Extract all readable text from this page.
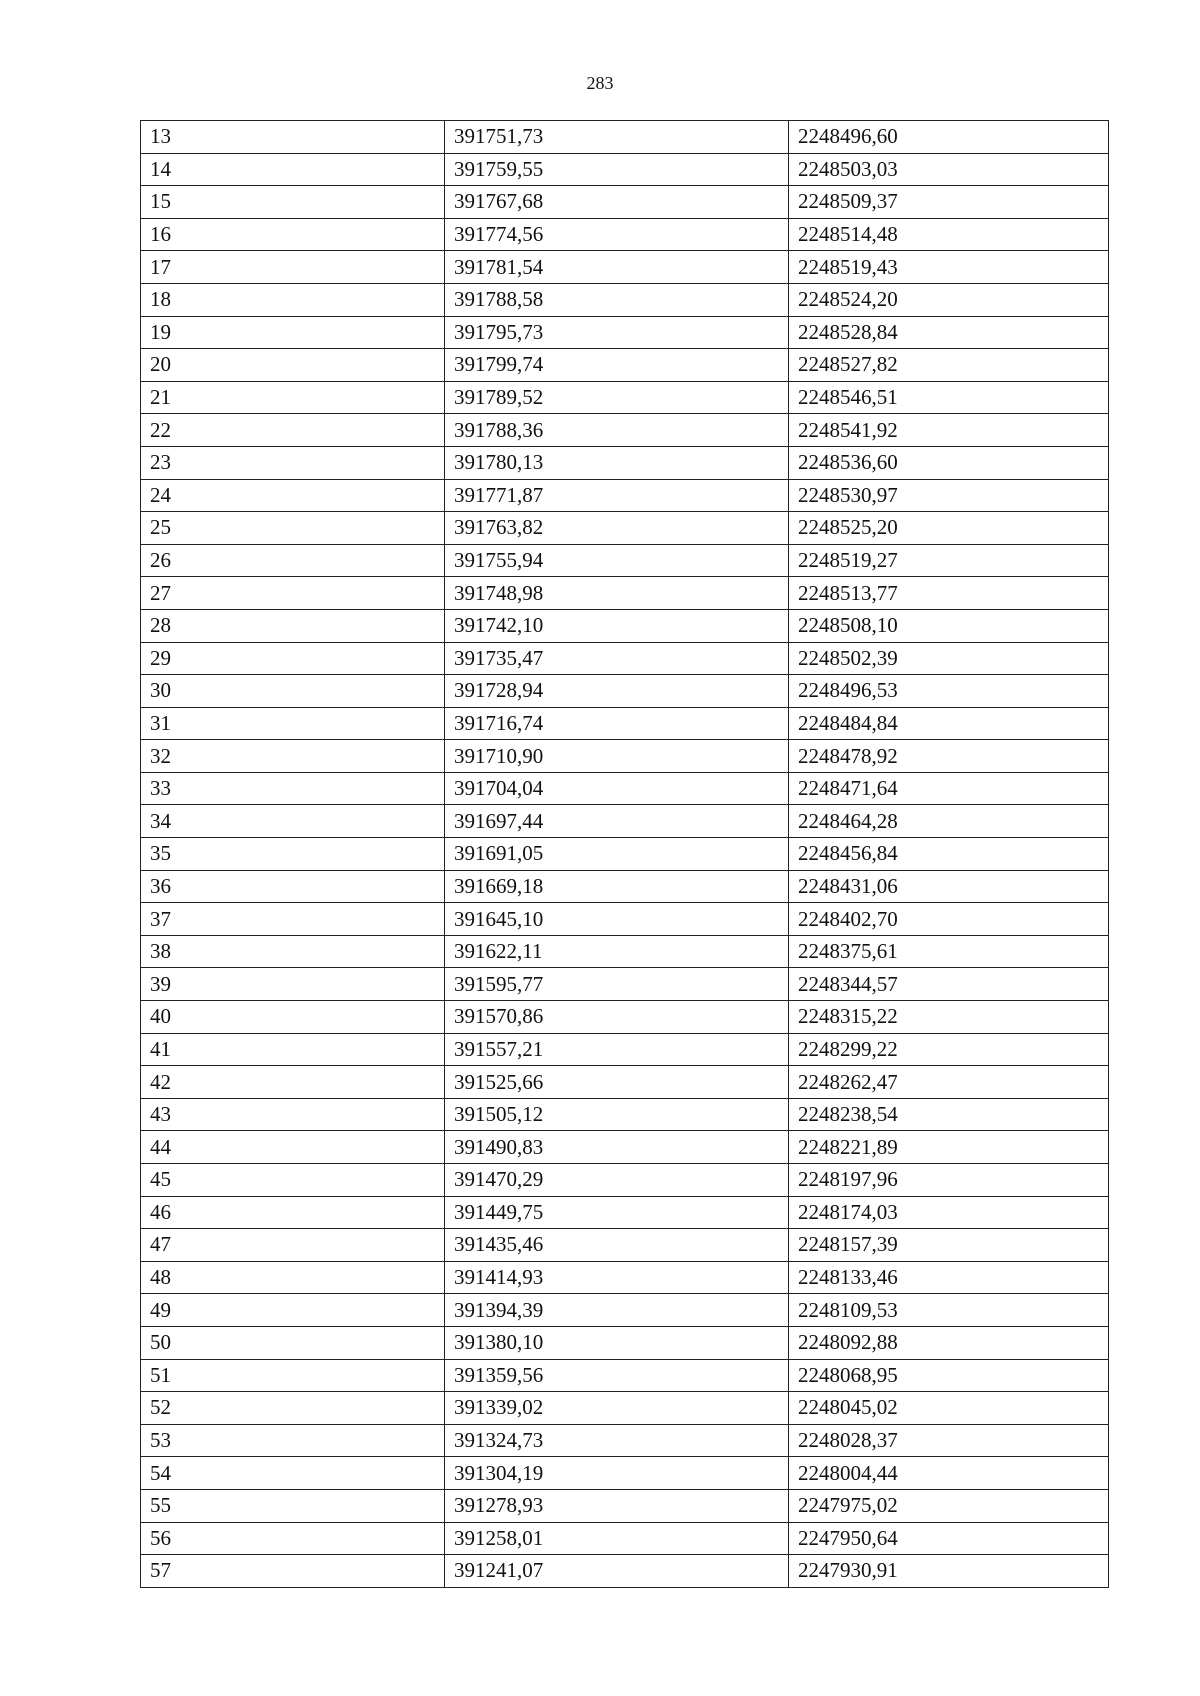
283
13	391751,73	2248496,60
14	391759,55	2248503,03
15	391767,68	2248509,37
16	391774,56	2248514,48
17	391781,54	2248519,43
18	391788,58	2248524,20
19	391795,73	2248528,84
20	391799,74	2248527,82
21	391789,52	2248546,51
22	391788,36	2248541,92
23	391780,13	2248536,60
24	391771,87	2248530,97
25	391763,82	2248525,20
26	391755,94	2248519,27
27	391748,98	2248513,77
28	391742,10	2248508,10
29	391735,47	2248502,39
30	391728,94	2248496,53
31	391716,74	2248484,84
32	391710,90	2248478,92
33	391704,04	2248471,64
34	391697,44	2248464,28
35	391691,05	2248456,84
36	391669,18	2248431,06
37	391645,10	2248402,70
38	391622,11	2248375,61
39	391595,77	2248344,57
40	391570,86	2248315,22
41	391557,21	2248299,22
42	391525,66	2248262,47
43	391505,12	2248238,54
44	391490,83	2248221,89
45	391470,29	2248197,96
46	391449,75	2248174,03
47	391435,46	2248157,39
48	391414,93	2248133,46
49	391394,39	2248109,53
50	391380,10	2248092,88
51	391359,56	2248068,95
52	391339,02	2248045,02
53	391324,73	2248028,37
54	391304,19	2248004,44
55	391278,93	2247975,02
56	391258,01	2247950,64
57	391241,07	2247930,91
